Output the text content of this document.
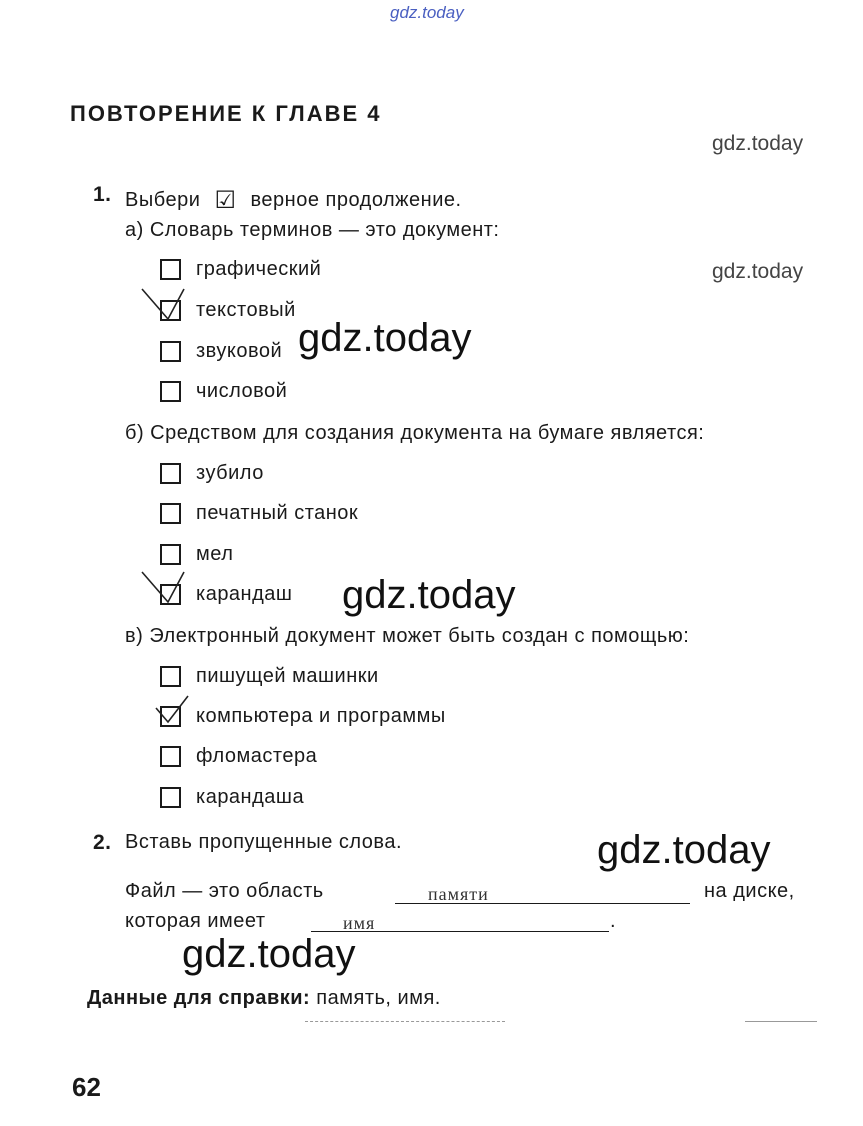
gdz.today
gdz.today
gdz.today
ПОВТОРЕНИЕ К ГЛАВЕ 4
1. Выбери ☑ верное продолжение.
а) Словарь терминов — это документ:
графический
текстовый
звуковой gdz.today
числовой
б) Средством для создания документа на бумаге является:
зубило
печатный станок
мел
карандаш gdz.today
в) Электронный документ может быть создан с помощью:
пишущей машинки
компьютера и программы
фломастера
карандаша
2. Вставь пропущенные слова.	gdz.today
Файл — это область	памяти	на диске,
которая имеет	имя	.
gdz.today
Данные для справки: память, имя.
62
